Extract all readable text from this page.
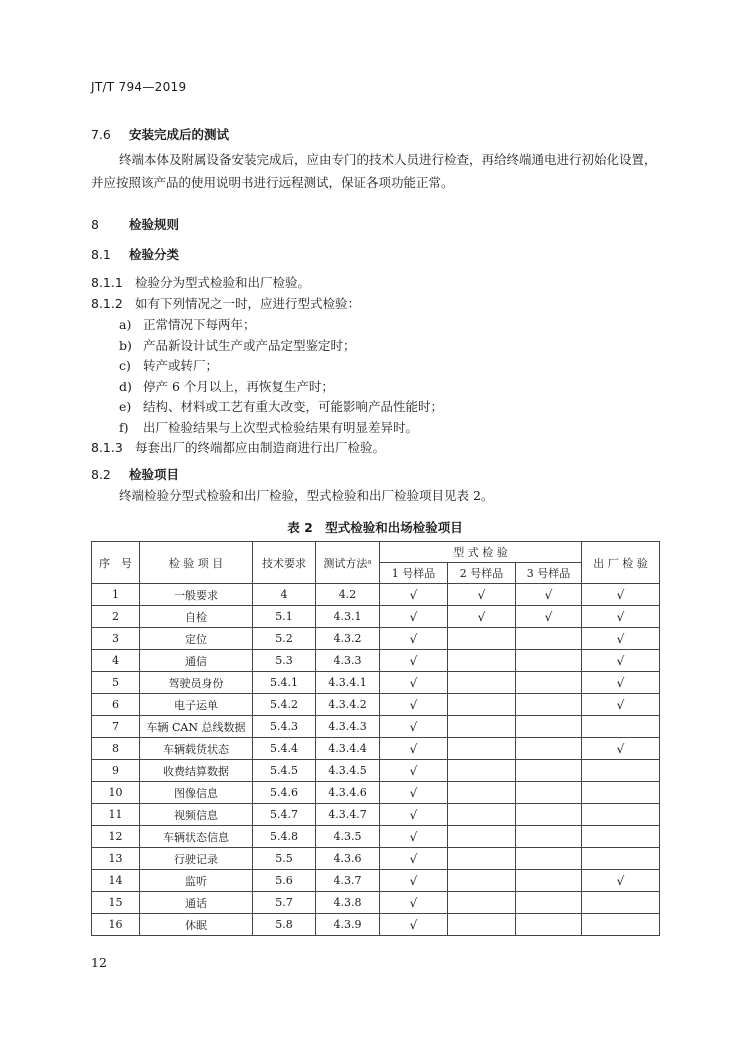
JT/T 794—2019
7.6 安装完成后的测试
终端本体及附属设备安装完成后，应由专门的技术人员进行检查，再给终端通电进行初始化设置，
并应按照该产品的使用说明书进行远程测试，保证各项功能正常。
8 检验规则
8.1 检验分类
8.1.1 检验分为型式检验和出厂检验。
8.1.2 如有下列情况之一时，应进行型式检验：
a) 正常情况下每两年；
b) 产品新设计试生产或产品定型鉴定时；
c) 转产或转厂；
d) 停产 6 个月以上，再恢复生产时；
e) 结构、材料或工艺有重大改变，可能影响产品性能时；
f) 出厂检验结果与上次型式检验结果有明显差异时。
8.1.3 每套出厂的终端都应由制造商进行出厂检验。
8.2 检验项目
终端检验分型式检验和出厂检验，型式检验和出厂检验项目见表 2。
表 2　型式检验和出场检验项目
序　号	检 验 项 目	技术要求	测试方法ᵃ	型 式 检 验			出 厂 检 验
				1 号样品	2 号样品	3 号样品	
1	一般要求	4	4.2	√	√	√	√
2	自检	5.1	4.3.1	√	√	√	√
3	定位	5.2	4.3.2	√			√
4	通信	5.3	4.3.3	√			√
5	驾驶员身份	5.4.1	4.3.4.1	√			√
6	电子运单	5.4.2	4.3.4.2	√			√
7	车辆 CAN 总线数据	5.4.3	4.3.4.3	√			
8	车辆载货状态	5.4.4	4.3.4.4	√			√
9	收费结算数据	5.4.5	4.3.4.5	√			
10	图像信息	5.4.6	4.3.4.6	√			
11	视频信息	5.4.7	4.3.4.7	√			
12	车辆状态信息	5.4.8	4.3.5	√			
13	行驶记录	5.5	4.3.6	√			
14	监听	5.6	4.3.7	√			√
15	通话	5.7	4.3.8	√			
16	休眠	5.8	4.3.9	√			
12
